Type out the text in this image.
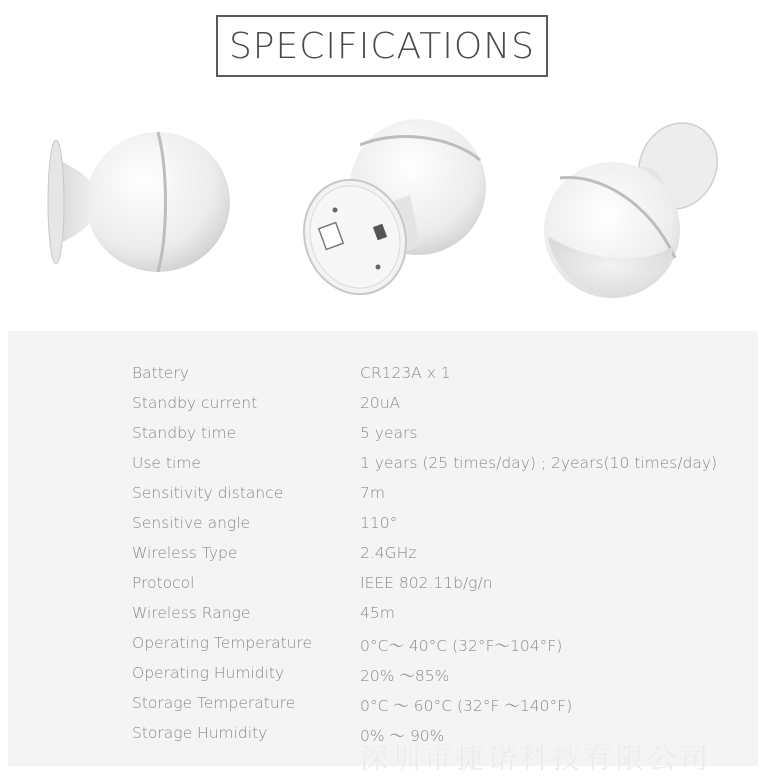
SPECIFICATIONS
Battery	CR123A x 1
Standby current	20uA
Standby time	5 years
Use time	1 years (25 times/day) ; 2years(10 times/day)
Sensitivity distance	7m
Sensitive angle	110°
Wireless Type	2.4GHz
Protocol	IEEE 802.11b/g/n
Wireless Range	45m
Operating Temperature	0°C～ 40°C (32°F～104°F)
Operating Humidity	20% ～85%
Storage Temperature	0°C ～ 60°C (32°F ～140°F)
Storage Humidity	0% ～ 90%
深圳市捷诺科技有限公司
